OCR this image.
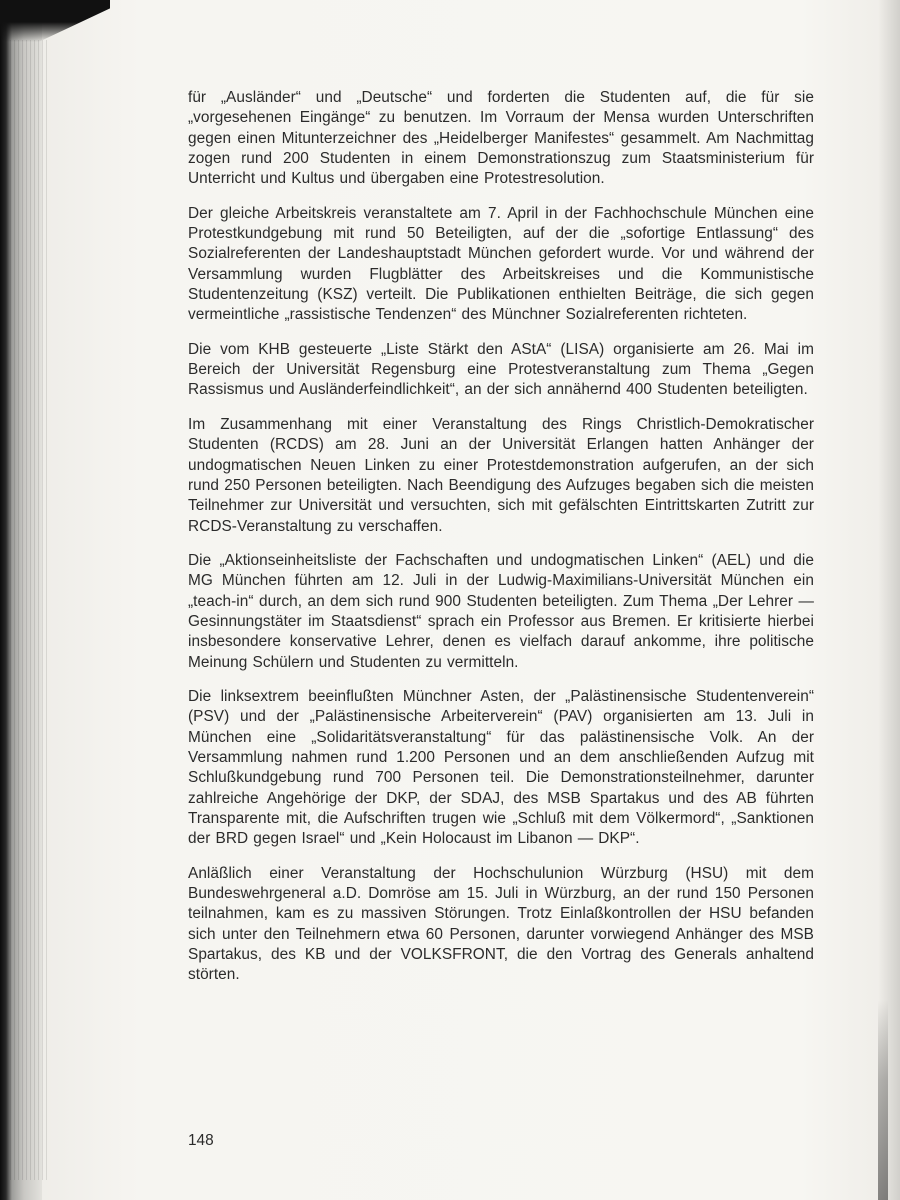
für „Ausländer“ und „Deutsche“ und forderten die Studenten auf, die für sie „vorgesehenen Eingänge“ zu benutzen. Im Vorraum der Mensa wurden Unterschriften gegen einen Mitunterzeichner des „Heidelberger Manifestes“ gesammelt. Am Nachmittag zogen rund 200 Studenten in einem Demonstrationszug zum Staatsministerium für Unterricht und Kultus und übergaben eine Protestresolution.

Der gleiche Arbeitskreis veranstaltete am 7. April in der Fachhochschule München eine Protestkundgebung mit rund 50 Beteiligten, auf der die „sofortige Entlassung“ des Sozialreferenten der Landeshauptstadt München gefordert wurde. Vor und während der Versammlung wurden Flugblätter des Arbeitskreises und die Kommunistische Studentenzeitung (KSZ) verteilt. Die Publikationen enthielten Beiträge, die sich gegen vermeintliche „rassistische Tendenzen“ des Münchner Sozialreferenten richteten.

Die vom KHB gesteuerte „Liste Stärkt den AStA“ (LISA) organisierte am 26. Mai im Bereich der Universität Regensburg eine Protestveranstaltung zum Thema „Gegen Rassismus und Ausländerfeindlichkeit“, an der sich annähernd 400 Studenten beteiligten.

Im Zusammenhang mit einer Veranstaltung des Rings Christlich-Demokratischer Studenten (RCDS) am 28. Juni an der Universität Erlangen hatten Anhänger der undogmatischen Neuen Linken zu einer Protestdemonstration aufgerufen, an der sich rund 250 Personen beteiligten. Nach Beendigung des Aufzuges begaben sich die meisten Teilnehmer zur Universität und versuchten, sich mit gefälschten Eintrittskarten Zutritt zur RCDS-Veranstaltung zu verschaffen.

Die „Aktionseinheitsliste der Fachschaften und undogmatischen Linken“ (AEL) und die MG München führten am 12. Juli in der Ludwig-Maximilians-Universität München ein „teach-in“ durch, an dem sich rund 900 Studenten beteiligten. Zum Thema „Der Lehrer — Gesinnungstäter im Staatsdienst“ sprach ein Professor aus Bremen. Er kritisierte hierbei insbesondere konservative Lehrer, denen es vielfach darauf ankomme, ihre politische Meinung Schülern und Studenten zu vermitteln.

Die linksextrem beeinflußten Münchner Asten, der „Palästinensische Studentenverein“ (PSV) und der „Palästinensische Arbeiterverein“ (PAV) organisierten am 13. Juli in München eine „Solidaritätsveranstaltung“ für das palästinensische Volk. An der Versammlung nahmen rund 1.200 Personen und an dem anschließenden Aufzug mit Schlußkundgebung rund 700 Personen teil. Die Demonstrationsteilnehmer, darunter zahlreiche Angehörige der DKP, der SDAJ, des MSB Spartakus und des AB führten Transparente mit, die Aufschriften trugen wie „Schluß mit dem Völkermord“, „Sanktionen der BRD gegen Israel“ und „Kein Holocaust im Libanon — DKP“.

Anläßlich einer Veranstaltung der Hochschulunion Würzburg (HSU) mit dem Bundeswehrgeneral a.D. Domröse am 15. Juli in Würzburg, an der rund 150 Personen teilnahmen, kam es zu massiven Störungen. Trotz Einlaßkontrollen der HSU befanden sich unter den Teilnehmern etwa 60 Personen, darunter vorwiegend Anhänger des MSB Spartakus, des KB und der VOLKSFRONT, die den Vortrag des Generals anhaltend störten.

148
